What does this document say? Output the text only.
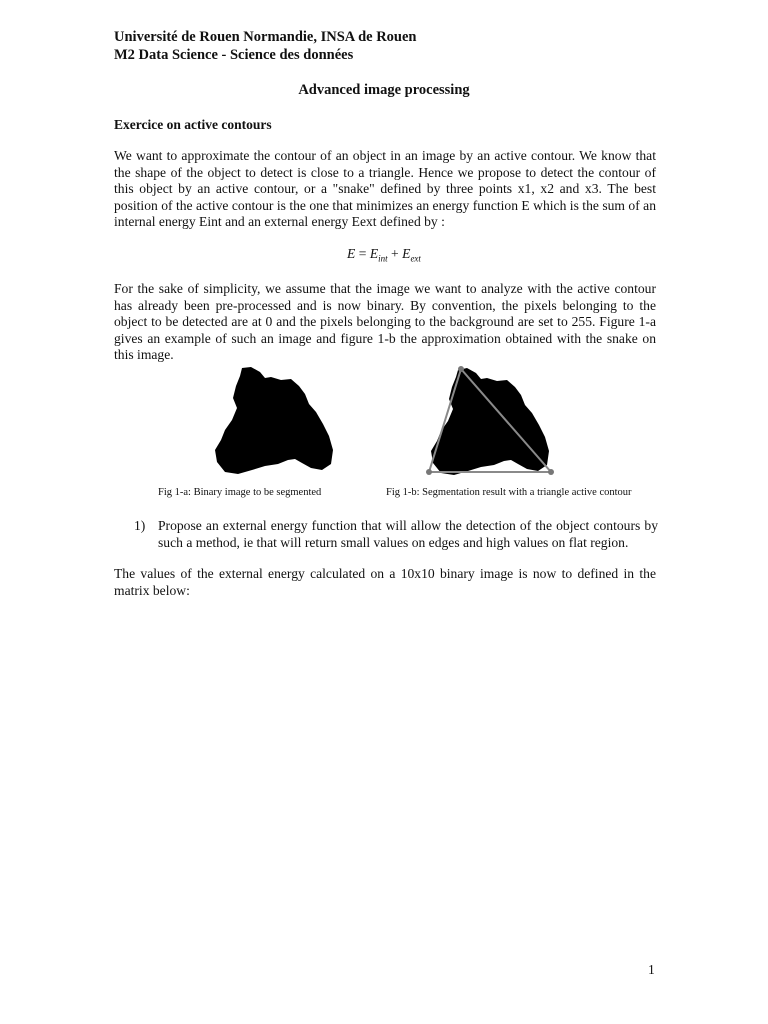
Université de Rouen Normandie, INSA de Rouen
M2 Data Science - Science des données
Advanced image processing
Exercice on active contours

We want to approximate the contour of an object in an image by an active contour. We know that the shape of the object to detect is close to a triangle. Hence we propose to detect the contour of this object by an active contour, or a "snake" defined by three points x1, x2 and x3. The best position of the active contour is the one that minimizes an energy function E which is the sum of an internal energy Eint and an external energy Eext defined by :

$E = E_{int} + E_{ext}$

For the sake of simplicity, we assume that the image we want to analyze with the active contour has already been pre-processed and is now binary. By convention, the pixels belonging to the object to be detected are at 0 and the pixels belonging to the background are set to 255. Figure 1-a gives an example of such an image and figure 1-b the approximation obtained with the snake on this image.

Fig 1-a: Binary image to be segmented	Fig 1-b: Segmentation result with a triangle active contour
1) Propose an external energy function that will allow the detection of the object contours by such a method, ie that will return small values on edges and high values on flat region.

The values of the external energy calculated on a 10x10 binary image is now to defined in the matrix below:

1
